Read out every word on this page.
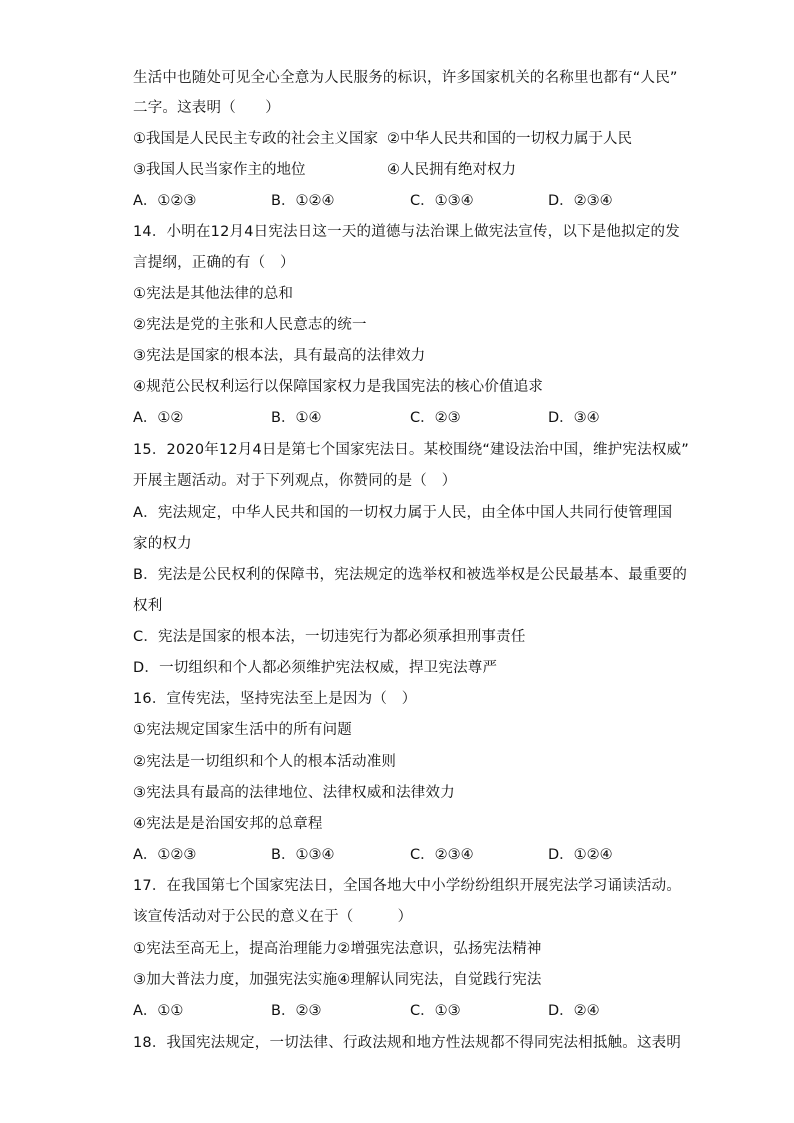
生活中也随处可见全心全意为人民服务的标识，许多国家机关的名称里也都有“人民”
二字。这表明（　　）
①我国是人民民主专政的社会主义国家 ②中华人民共和国的一切权力属于人民
③我国人民当家作主的地位	④人民拥有绝对权力
A．①②③	B．①②④	C．①③④	D．②③④
14．小明在12月4日宪法日这一天的道德与法治课上做宪法宣传，以下是他拟定的发
言提纲，正确的有（　）
①宪法是其他法律的总和
②宪法是党的主张和人民意志的统一
③宪法是国家的根本法，具有最高的法律效力
④规范公民权利运行以保障国家权力是我国宪法的核心价值追求
A．①②	B．①④	C．②③	D．③④
15．2020年12月4日是第七个国家宪法日。某校围绕“建设法治中国，维护宪法权威”
开展主题活动。对于下列观点，你赞同的是（　）
A．宪法规定，中华人民共和国的一切权力属于人民，由全体中国人共同行使管理国
家的权力
B．宪法是公民权利的保障书，宪法规定的选举权和被选举权是公民最基本、最重要的
权利
C．宪法是国家的根本法，一切违宪行为都必须承担刑事责任
D．一切组织和个人都必须维护宪法权威，捍卫宪法尊严
16．宣传宪法，坚持宪法至上是因为（　）
①宪法规定国家生活中的所有问题
②宪法是一切组织和个人的根本活动准则
③宪法具有最高的法律地位、法律权威和法律效力
④宪法是是治国安邦的总章程
A．①②③	B．①③④	C．②③④	D．①②④
17．在我国第七个国家宪法日，全国各地大中小学纷纷组织开展宪法学习诵读活动。
该宣传活动对于公民的意义在于（　　　）
①宪法至高无上，提高治理能力②增强宪法意识，弘扬宪法精神
③加大普法力度，加强宪法实施④理解认同宪法，自觉践行宪法
A．①①	B．②③	C．①③	D．②④
18．我国宪法规定，一切法律、行政法规和地方性法规都不得同宪法相抵触。这表明
